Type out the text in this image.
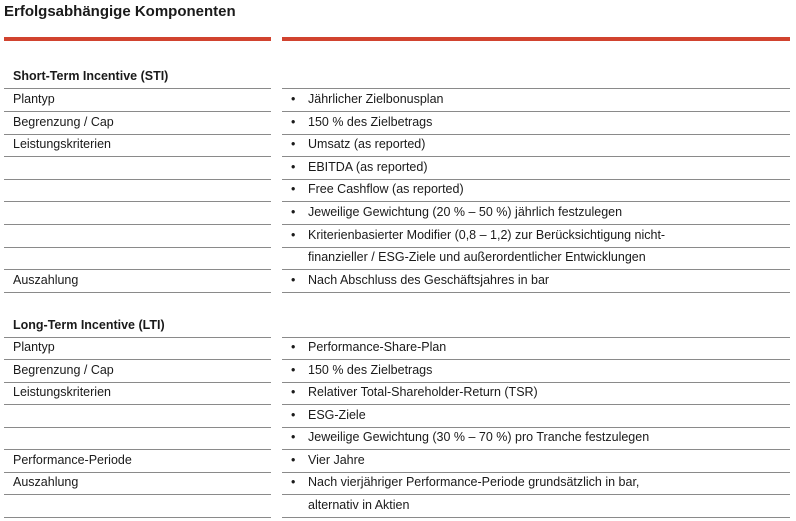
Erfolgsabhängige Komponenten
Short-Term Incentive (STI)
Plantyp	• Jährlicher Zielbonusplan
Begrenzung / Cap	• 150 % des Zielbetrags
Leistungskriterien	• Umsatz (as reported)
• EBITDA (as reported)
• Free Cashflow (as reported)
• Jeweilige Gewichtung (20 % – 50 %) jährlich festzulegen
• Kriterienbasierter Modifier (0,8 – 1,2) zur Berücksichtigung nicht-
finanzieller / ESG-Ziele und außerordentlicher Entwicklungen
Auszahlung	• Nach Abschluss des Geschäftsjahres in bar
Long-Term Incentive (LTI)
Plantyp	• Performance-Share-Plan
Begrenzung / Cap	• 150 % des Zielbetrags
Leistungskriterien	• Relativer Total-Shareholder-Return (TSR)
• ESG-Ziele
• Jeweilige Gewichtung (30 % – 70 %) pro Tranche festzulegen
Performance-Periode	• Vier Jahre
Auszahlung	• Nach vierjähriger Performance-Periode grundsätzlich in bar,
alternativ in Aktien
